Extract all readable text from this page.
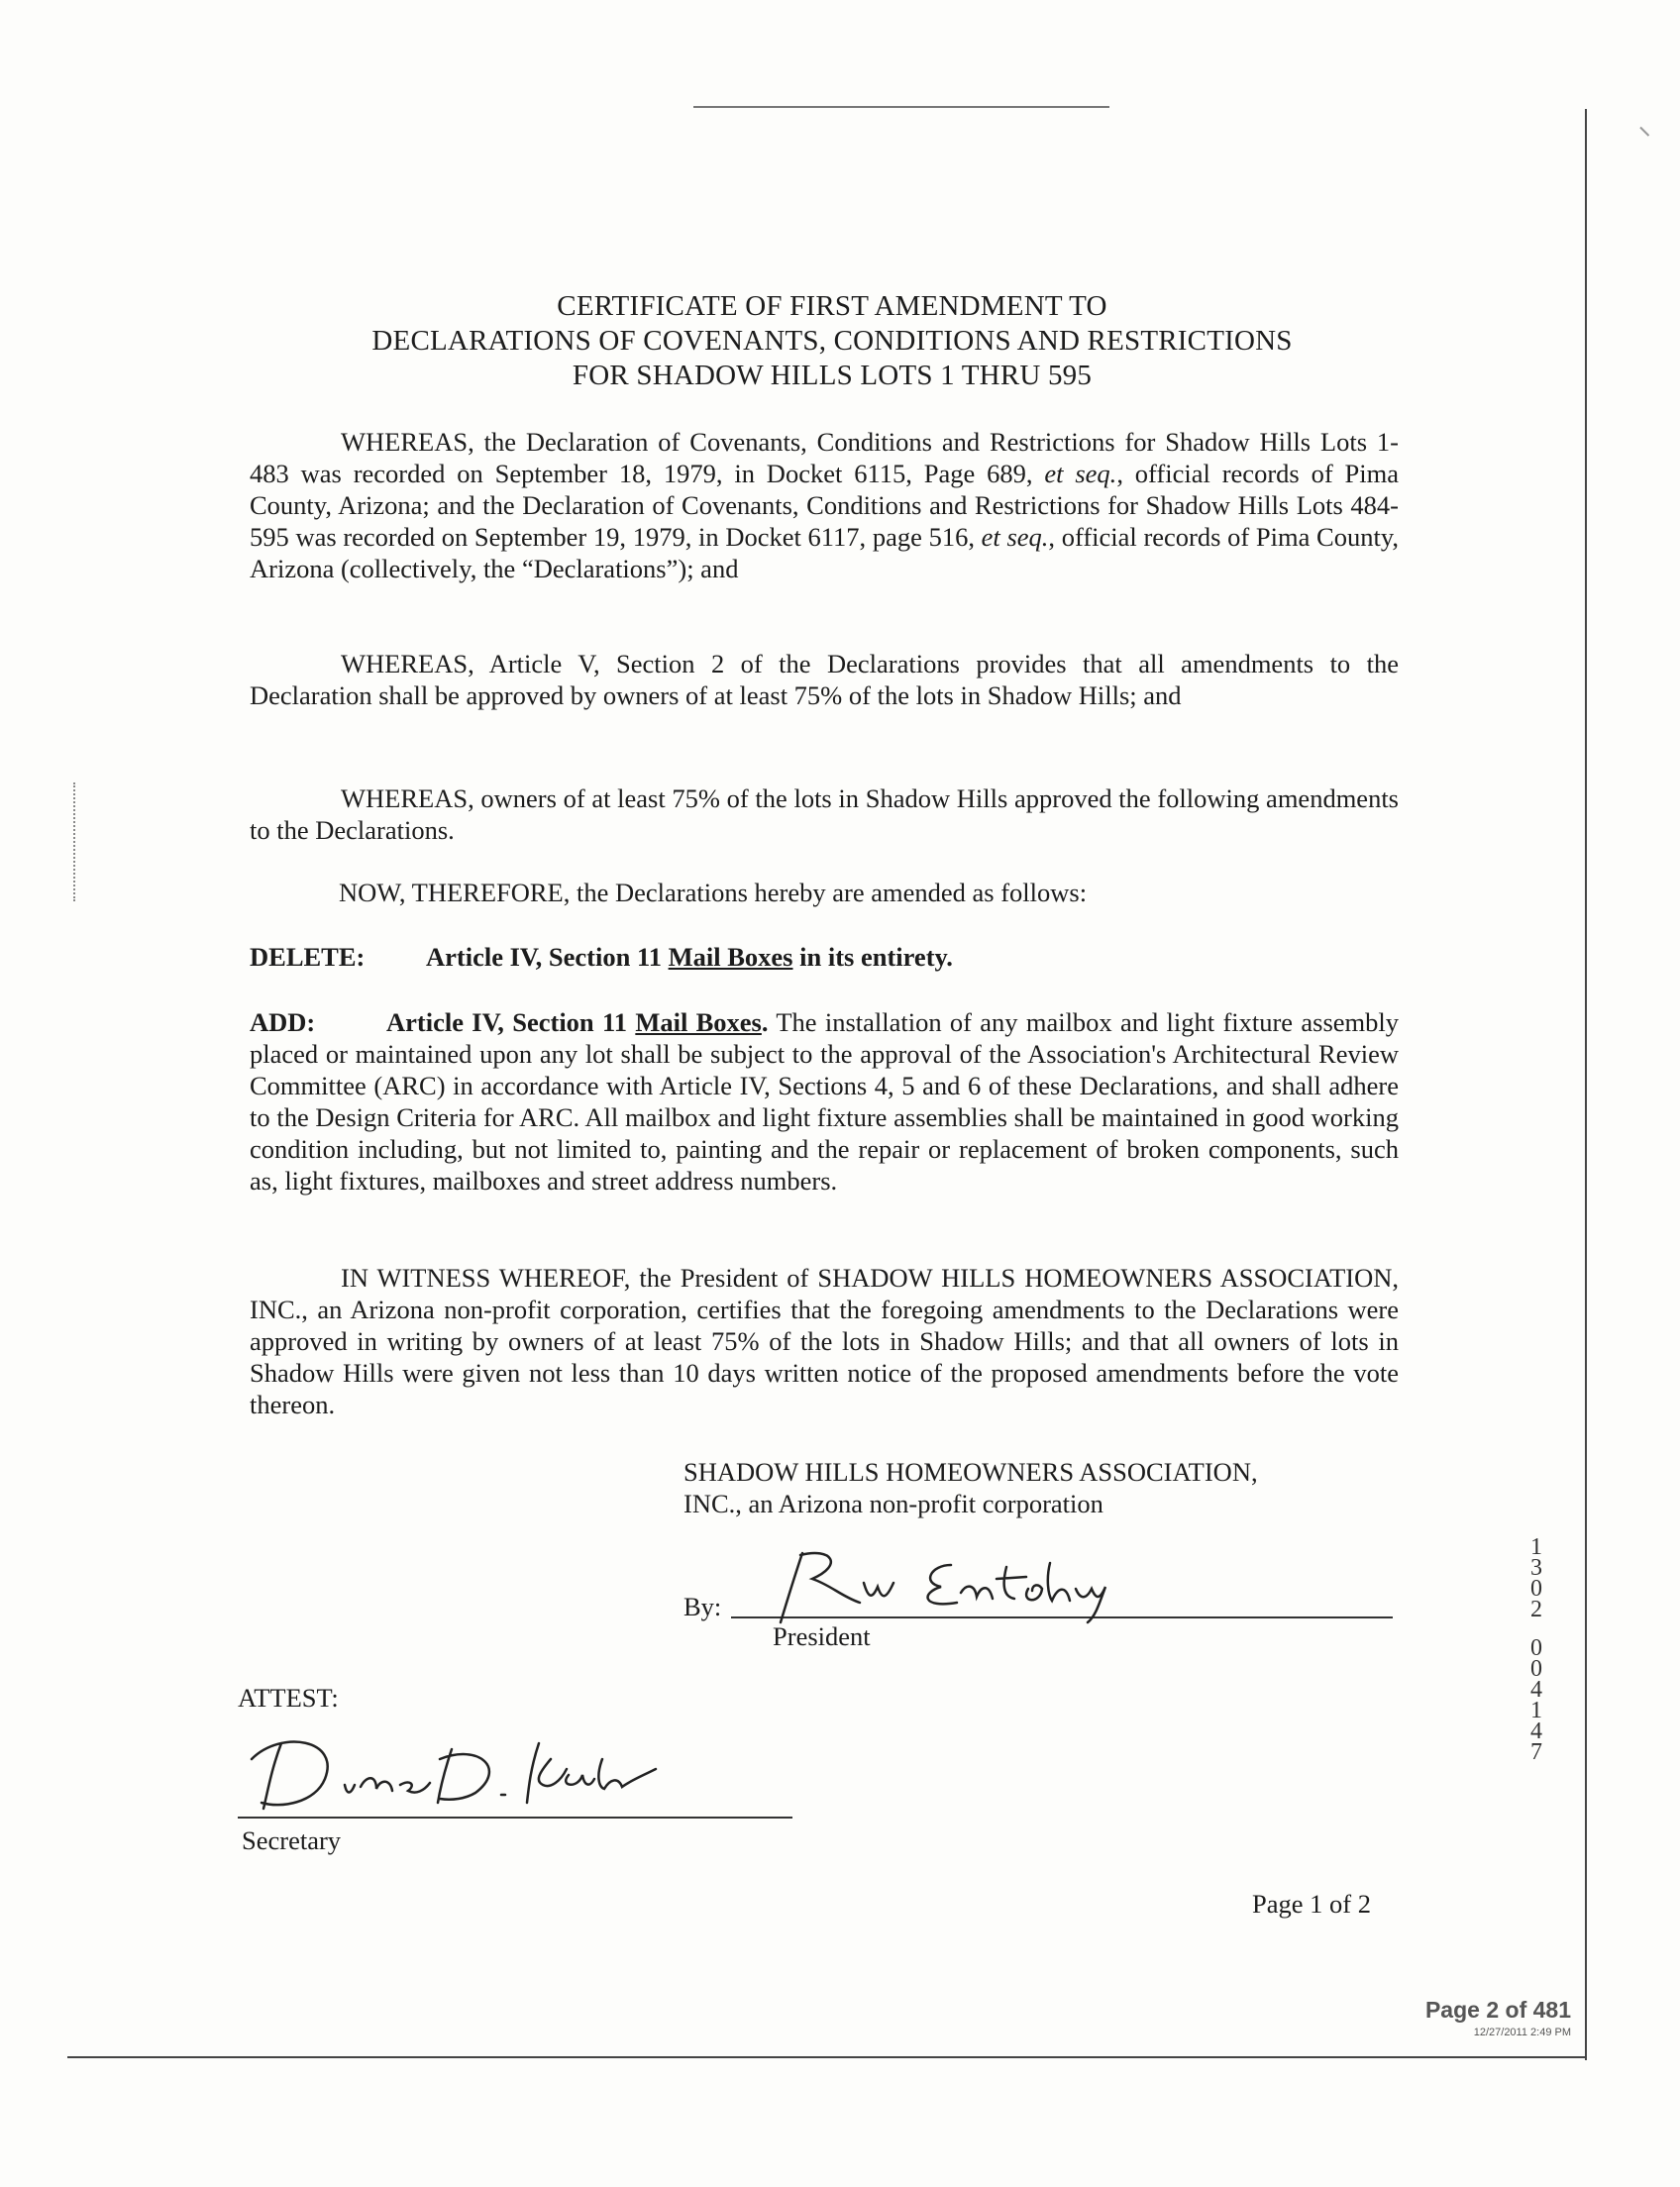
CERTIFICATE OF FIRST AMENDMENT TO
DECLARATIONS OF COVENANTS, CONDITIONS AND RESTRICTIONS
FOR SHADOW HILLS LOTS 1 THRU 595
WHEREAS, the Declaration of Covenants, Conditions and Restrictions for Shadow Hills Lots 1-483 was recorded on September 18, 1979, in Docket 6115, Page 689, et seq., official records of Pima County, Arizona; and the Declaration of Covenants, Conditions and Restrictions for Shadow Hills Lots 484-595 was recorded on September 19, 1979, in Docket 6117, page 516, et seq., official records of Pima County, Arizona (collectively, the “Declarations”); and
WHEREAS, Article V, Section 2 of the Declarations provides that all amendments to the Declaration shall be approved by owners of at least 75% of the lots in Shadow Hills; and
WHEREAS, owners of at least 75% of the lots in Shadow Hills approved the following amendments to the Declarations.
NOW, THEREFORE, the Declarations hereby are amended as follows:
DELETE: Article IV, Section 11 Mail Boxes in its entirety.
ADD:	Article IV, Section 11 Mail Boxes. The installation of any mailbox and light fixture assembly placed or maintained upon any lot shall be subject to the approval of the Association's Architectural Review Committee (ARC) in accordance with Article IV, Sections 4, 5 and 6 of these Declarations, and shall adhere to the Design Criteria for ARC. All mailbox and light fixture assemblies shall be maintained in good working condition including, but not limited to, painting and the repair or replacement of broken components, such as, light fixtures, mailboxes and street address numbers.
IN WITNESS WHEREOF, the President of SHADOW HILLS HOMEOWNERS ASSOCIATION, INC., an Arizona non-profit corporation, certifies that the foregoing amendments to the Declarations were approved in writing by owners of at least 75% of the lots in Shadow Hills; and that all owners of lots in Shadow Hills were given not less than 10 days written notice of the proposed amendments before the vote thereon.
SHADOW HILLS HOMEOWNERS ASSOCIATION,
INC., an Arizona non-profit corporation
By:
President
ATTEST:
Secretary
1
3
0
2
0
0
4
1
4
7
Page 1 of 2
Page 2 of 481
12/27/2011 2:49 PM
